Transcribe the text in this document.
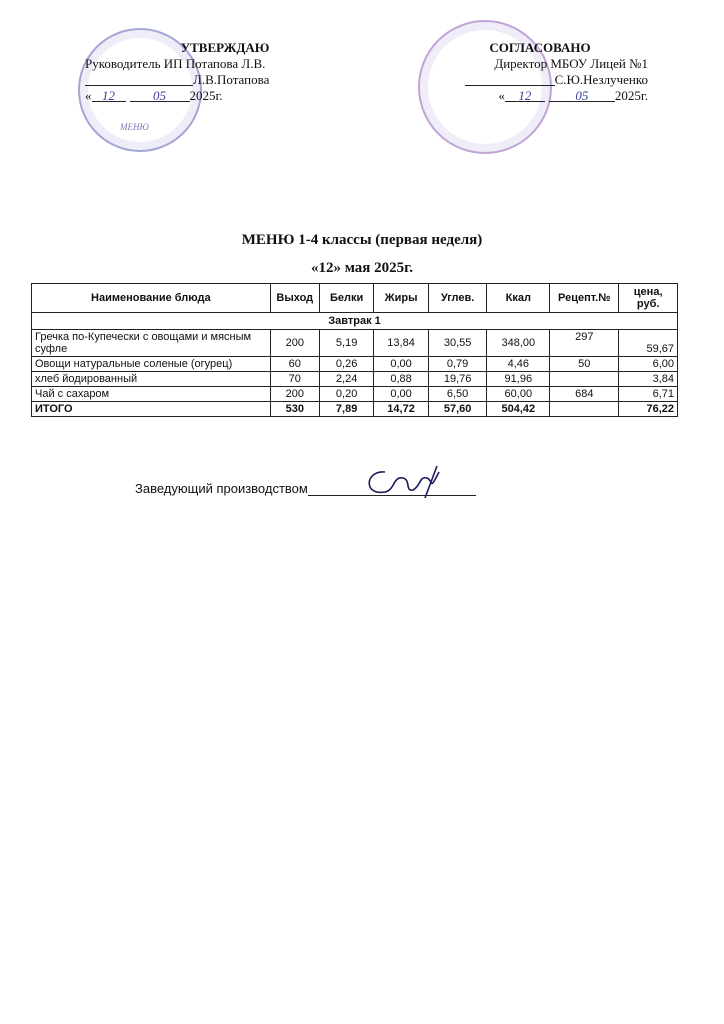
МЕНЮ
УТВЕРЖДАЮ
Руководитель ИП Потапова Л.В.
Л.В.Потапова
« 12	05	2025г.
СОГЛАСОВАНО
Директор МБОУ Лицей №1
С.Ю.Незлученко
«	12	05	2025г.
МЕНЮ 1-4 классы (первая неделя)
«12» мая 2025г.
Наименование блюда	Выход	Белки	Жиры	Углев.	Ккал	Рецепт.№	цена, руб.
Завтрак 1							
Гречка по-Купечески с овощами и мясным суфле	200	5,19	13,84	30,55	348,00	297	59,67
Овощи натуральные соленые (огурец)	60	0,26	0,00	0,79	4,46	50	6,00
хлеб йодированный	70	2,24	0,88	19,76	91,96		3,84
Чай с сахаром	200	0,20	0,00	6,50	60,00	684	6,71
ИТОГО	530	7,89	14,72	57,60	504,42		76,22
Заведующий производством
